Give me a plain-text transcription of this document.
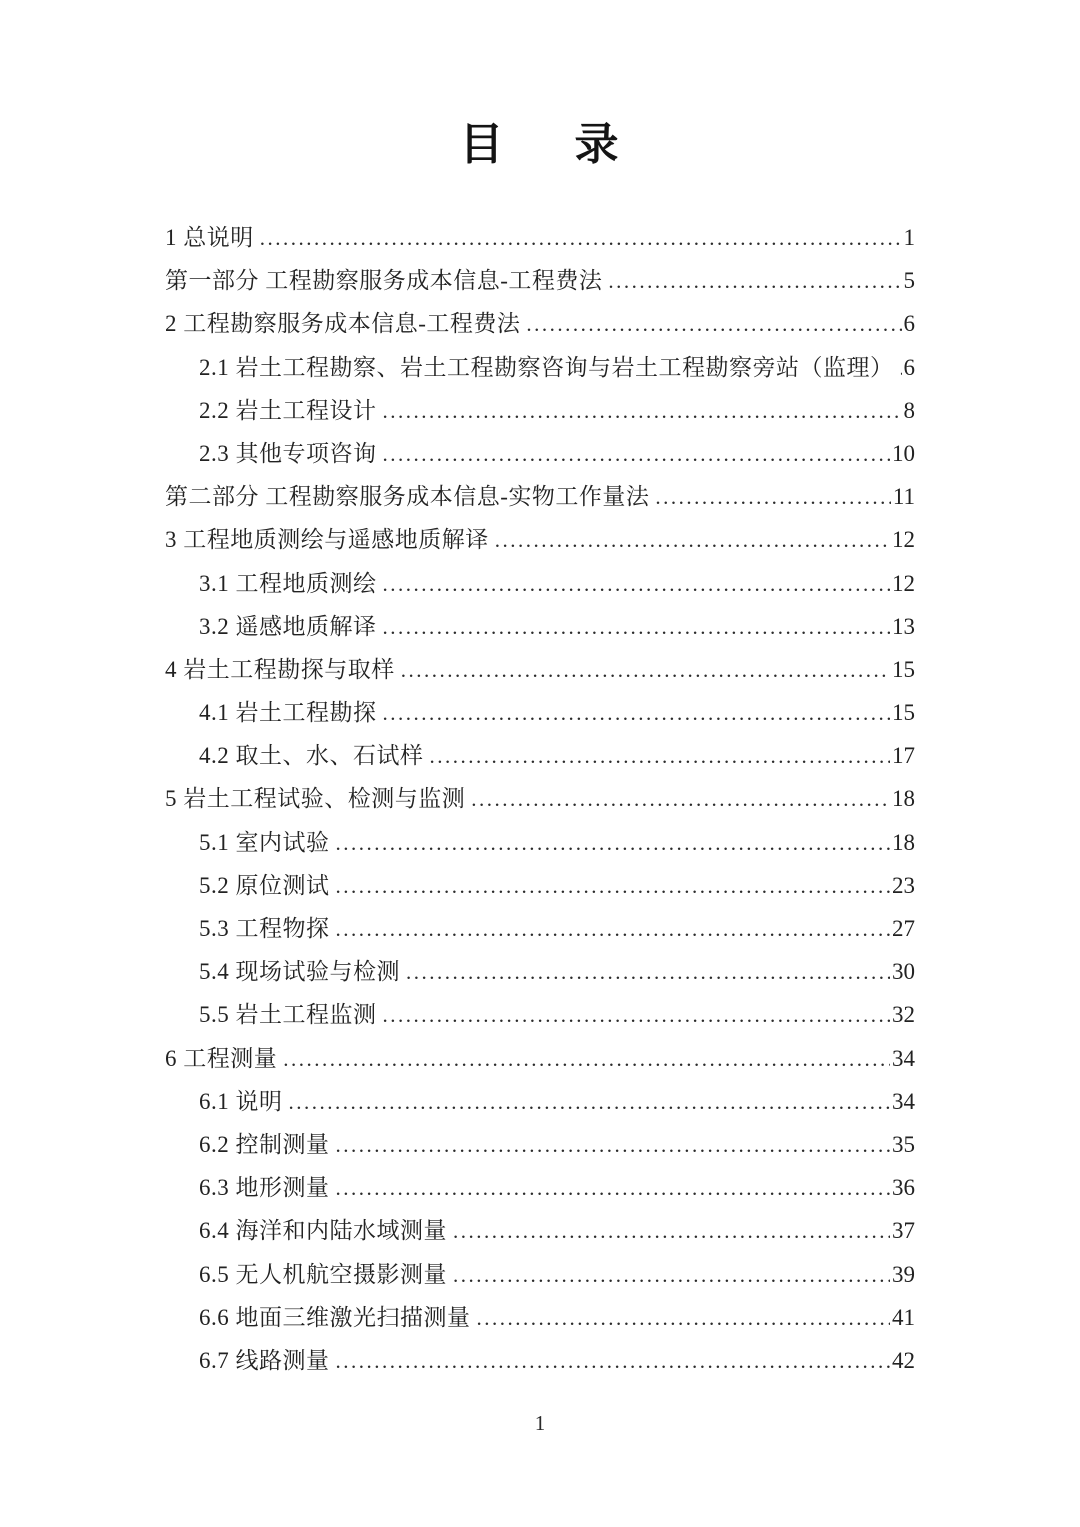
目 录
1 总说明 .....	1
第一部分 工程勘察服务成本信息-工程费法 .....	5
2 工程勘察服务成本信息-工程费法 .....	6
2.1 岩土工程勘察、岩土工程勘察咨询与岩土工程勘察旁站（监理） ..... 6
2.2 岩土工程设计 .....	8
2.3 其他专项咨询 .....	10
第二部分 工程勘察服务成本信息-实物工作量法 .....	11
3 工程地质测绘与遥感地质解译 .....	12
3.1 工程地质测绘 .....	12
3.2 遥感地质解译 .....	13
4 岩土工程勘探与取样 .....	15
4.1 岩土工程勘探 .....	15
4.2 取土、水、石试样 .....	17
5 岩土工程试验、检测与监测 .....	18
5.1 室内试验 .....	18
5.2 原位测试 .....	23
5.3 工程物探 .....	27
5.4 现场试验与检测 .....	30
5.5 岩土工程监测 .....	32
6 工程测量 .....	34
6.1 说明 .....	34
6.2 控制测量 .....	35
6.3 地形测量 .....	36
6.4 海洋和内陆水域测量 .....	37
6.5 无人机航空摄影测量 .....	39
6.6 地面三维激光扫描测量 .....	41
6.7 线路测量 .....	42
1
